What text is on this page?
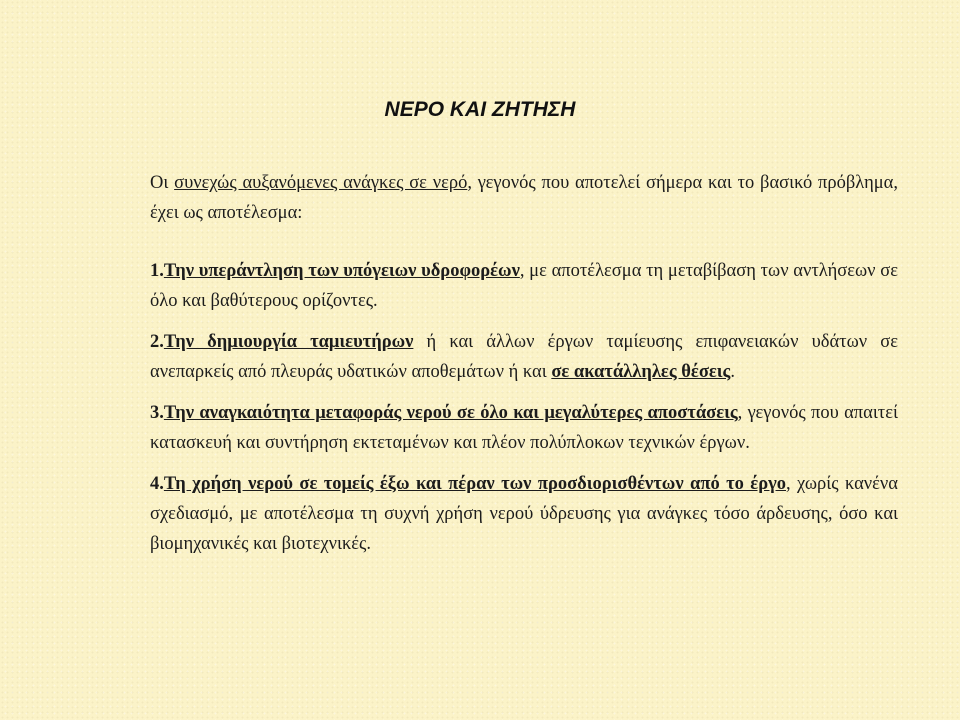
ΝΕΡΟ ΚΑΙ ΖΗΤΗΣΗ

Οι συνεχώς αυξανόμενες ανάγκες σε νερό, γεγονός που αποτελεί σήμερα και το βασικό πρόβλημα, έχει ως αποτέλεσμα:

1.Την υπεράντληση των υπόγειων υδροφορέων, με αποτέλεσμα τη μεταβίβαση των αντλήσεων σε όλο και βαθύτερους ορίζοντες.

2.Την δημιουργία ταμιευτήρων ή και άλλων έργων ταμίευσης επιφανειακών υδάτων σε ανεπαρκείς από πλευράς υδατικών αποθεμάτων ή και σε ακατάλληλες θέσεις.

3.Την αναγκαιότητα μεταφοράς νερού σε όλο και μεγαλύτερες αποστάσεις, γεγονός που απαιτεί κατασκευή και συντήρηση εκτεταμένων και πλέον πολύπλοκων τεχνικών έργων.

4.Τη χρήση νερού σε τομείς έξω και πέραν των προσδιορισθέντων από το έργο, χωρίς κανένα σχεδιασμό, με αποτέλεσμα τη συχνή χρήση νερού ύδρευσης για ανάγκες τόσο άρδευσης, όσο και βιομηχανικές και βιοτεχνικές.
